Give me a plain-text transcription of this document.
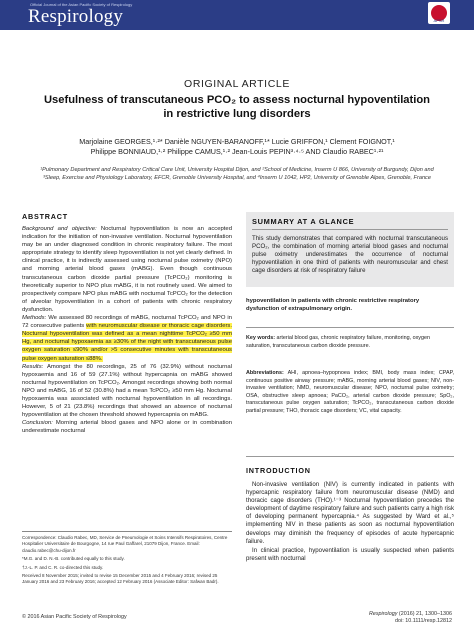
Official Journal of the Asian Pacific Society of Respirology
Respirology	APSR
ORIGINAL ARTICLE
Usefulness of transcutaneous PCO₂ to assess nocturnal hypoventilation in restrictive lung disorders
Marjolaine GEORGES,¹·²* Danièle NGUYEN-BARANOFF,¹* Lucie GRIFFON,¹ Clement FOIGNOT,¹
Philippe BONNIAUD,¹·² Philippe CAMUS,¹·² Jean-Louis PEPIN³·⁴·⁵ AND Claudio RABEC¹·²¹
¹Pulmonary Department and Respiratory Critical Care Unit, University Hospital Dijon, and ²School of Medicine, Inserm U 866, University of Burgundy, Dijon and ³Sleep, Exercise and Physiology Laboratory, EFCR, Grenoble University Hospital, and ⁴Inserm U 1042, HP2, University of Grenoble Alpes, Grenoble, France
ABSTRACT
Background and objective: Nocturnal hypoventilation is now an accepted indication for the initiation of non-invasive ventilation. Nocturnal hypoventilation may be an under diagnosed condition in chronic respiratory failure. The most appropriate strategy to identify sleep hypoventilation is not yet clearly defined. In clinical practice, it is indirectly assessed using nocturnal pulse oximetry (NPO) and morning arterial blood gases (mABG). Even though continuous transcutaneous carbon dioxide partial pressure (TcPCO₂) monitoring is theoretically superior to NPO plus mABG, it is not routinely used. We aimed to prospectively compare NPO plus mABG with nocturnal TcPCO₂ for the detection of alveolar hypoventilation in a cohort of patients with chronic respiratory dysfunction.
Methods: We assessed 80 recordings of mABG, nocturnal TcPCO₂ and NPO in 72 consecutive patients with neuromuscular disease or thoracic cage disorders. Nocturnal hypoventilation was defined as a mean nighttime TcPCO₂ ≥50 mm Hg, and nocturnal hypoxaemia as ≥30% of the night with transcutaneous pulse oxygen saturation ≤90% and/or >5 consecutive minutes with transcutaneous pulse oxygen saturation ≤88%.
Results: Amongst the 80 recordings, 25 of 76 (32.9%) without nocturnal hypoxaemia and 16 of 59 (27.1%) without hypercapnia on mABG showed nocturnal hypoventilation on TcPCO₂. Amongst recordings showing both normal NPO and mABG, 16 of 52 (30.8%) had a mean TcPCO₂ ≥50 mm Hg. Nocturnal hypoxaemia was associated with nocturnal hypoventilation in all recordings. However, 5 of 21 (23.8%) recordings that showed an absence of nocturnal hypoventilation at the chosen threshold showed hypercapnia on mABG.
Conclusion: Morning arterial blood gases and NPO alone or in combination underestimate nocturnal
Correspondence: Claudio Rabec, MD, Service de Pneumologie et Soins Intensifs Respiratoires, Centre Hospitalier Universitaire de Bourgogne, 14 rue Paul Gaffarel, 21079 Dijon, France. Email: claudio.rabec@chu-dijon.fr
*M.G. and D. N.-B. contributed equally to this study.
†J.-L. P. and C. R. co-directed this study.
Received 8 November 2015; invited to revise 15 December 2015 and 4 February 2016; revised 25 January 2016 and 23 February 2016; accepted 12 February 2016 (Associate Editor: Safwan Badr).
© 2016 Asian Pacific Society of Respirology
SUMMARY AT A GLANCE
This study demonstrates that compared with nocturnal transcutaneous PCO₂, the combination of morning arterial blood gases and nocturnal pulse oximetry underestimates the occurrence of nocturnal hypoventilation in one third of patients with neuromuscular and chest cage disorders at risk of respiratory failure
hypoventilation in patients with chronic restrictive respiratory dysfunction of extrapulmonary origin.
Key words: arterial blood gas, chronic respiratory failure, monitoring, oxygen saturation, transcutaneous carbon dioxide pressure.
Abbreviations: AHI, apnoea–hypopnoea index; BMI, body mass index; CPAP, continuous positive airway pressure; mABG, morning arterial blood gases; NIV, non-invasive ventilation; NMD, neuromuscular disease; NPO, nocturnal pulse oximetry; OSA, obstructive sleep apnoea; PaCO₂, arterial carbon dioxide pressure; SpO₂, transcutaneous pulse oxygen saturation; TcPCO₂, transcutaneous carbon dioxide partial pressure; THO, thoracic cage disorders; VC, vital capacity.
INTRODUCTION

Non-invasive ventilation (NIV) is currently indicated in patients with hypercapnic respiratory failure from neuromuscular disease (NMD) and thoracic cage disorders (THO).¹⁻³ Nocturnal hypoventilation precedes the development of daytime respiratory failure and such patients carry a high risk of developing permanent hypercapnia.⁴ As suggested by Ward et al.,⁵ implementing NIV in these patients as soon as nocturnal hypoventilation develops may diminish the frequency of episodes of acute hypercapnic failure.

In clinical practice, hypoventilation is usually suspected when patients present with nocturnal

Respirology (2016) 21, 1300–1306
doi: 10.1111/resp.12812
